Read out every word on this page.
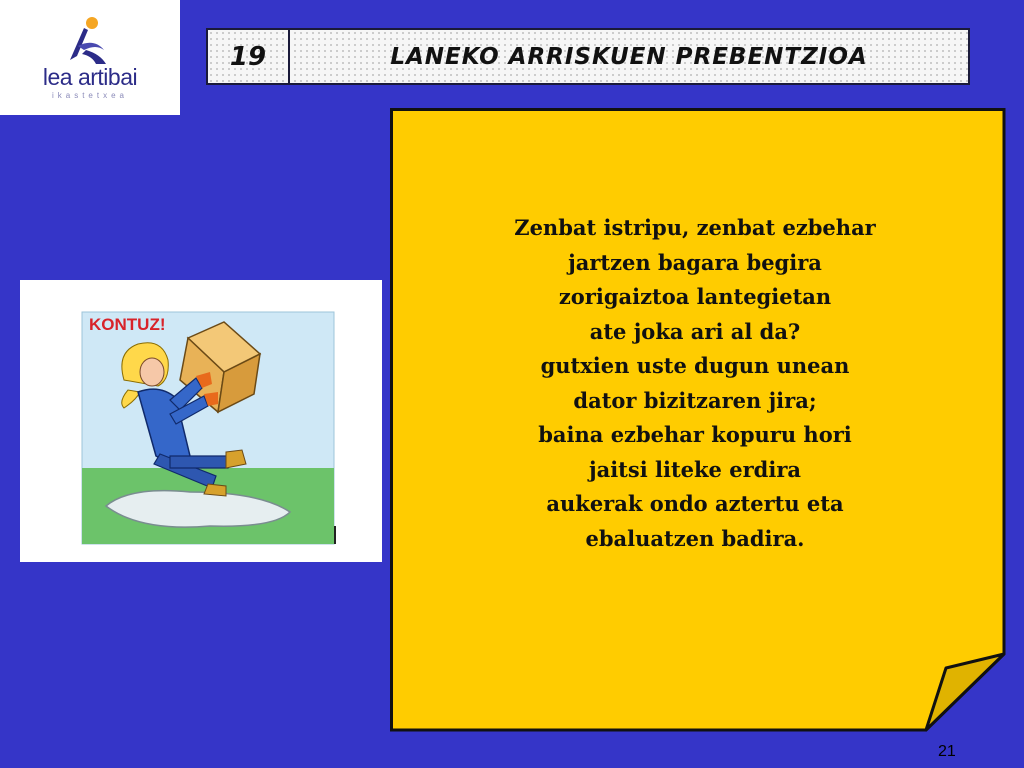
lea artibai
ikastetxea
19	LANEKO ARRISKUEN PREBENTZIOA
KONTUZ!
Zenbat istripu, zenbat ezbehar
jartzen bagara begira
zorigaiztoa lantegietan
ate joka ari al da?
gutxien uste dugun unean
dator bizitzaren jira;
baina ezbehar kopuru hori
jaitsi liteke erdira
aukerak ondo aztertu eta
ebaluatzen badira.
21
